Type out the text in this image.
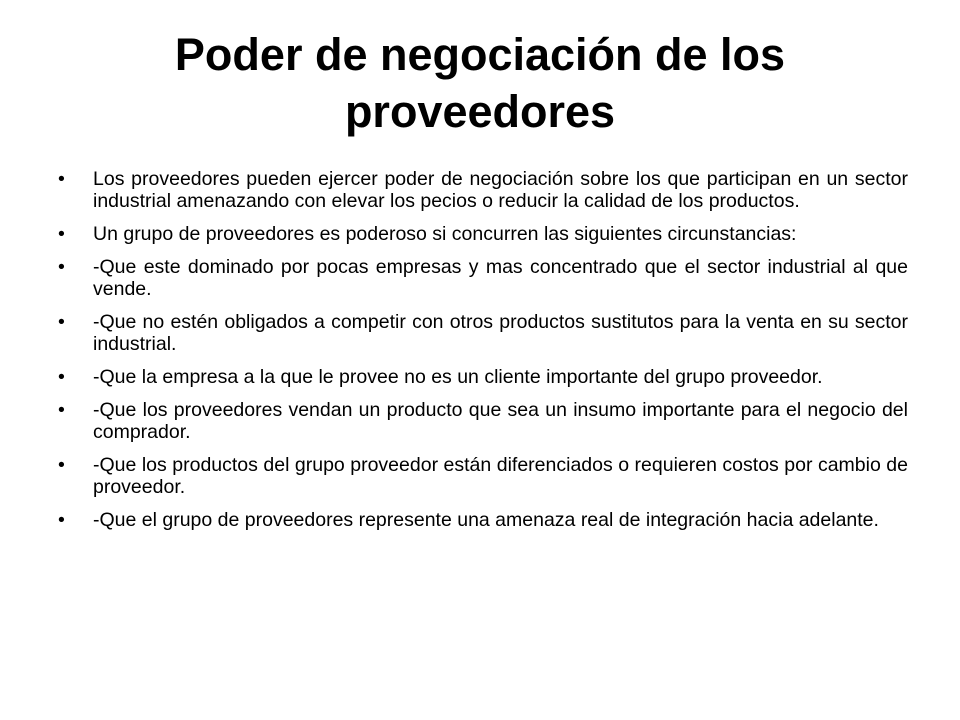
Poder de negociación de los proveedores
• Los proveedores pueden ejercer poder de negociación sobre los que participan en un sector industrial amenazando con elevar los pecios o reducir la calidad de los productos.
• Un grupo de proveedores es poderoso si concurren las siguientes circunstancias:
• -Que este dominado por pocas empresas y mas concentrado que el sector industrial al que vende.
• -Que no estén obligados a competir con otros productos sustitutos para la venta en su sector industrial.
• -Que la empresa a la que le provee no es un cliente importante del grupo proveedor.
• -Que los proveedores vendan un producto que sea un insumo importante para el negocio del comprador.
• -Que los productos del grupo proveedor están diferenciados o requieren costos por cambio de proveedor.
• -Que el grupo de proveedores represente una amenaza real de integración hacia adelante.
